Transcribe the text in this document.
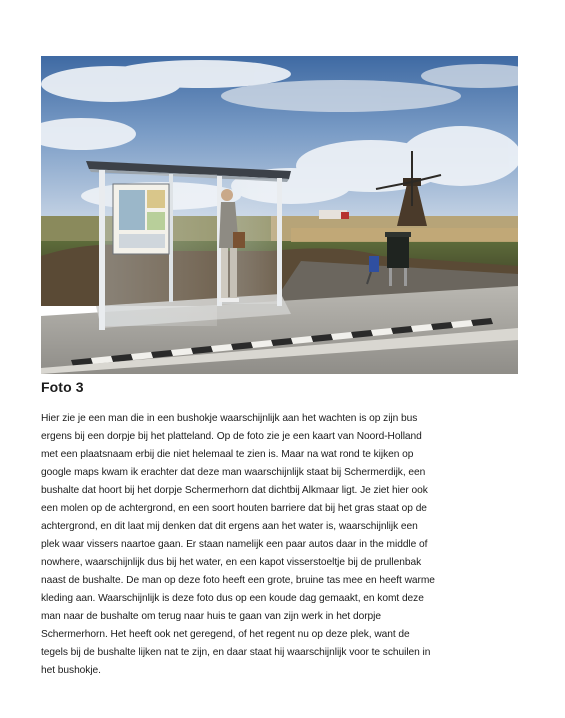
Foto 3
Hier zie je een man die in een bushokje waarschijnlijk aan het wachten is op zijn bus
ergens bij een dorpje bij het platteland. Op de foto zie je een kaart van Noord-Holland
met een plaatsnaam erbij die niet helemaal te zien is. Maar na wat rond te kijken op
google maps kwam ik erachter dat deze man waarschijnlijk staat bij Schermerdijk, een
bushalte dat hoort bij het dorpje Schermerhorn dat dichtbij Alkmaar ligt. Je ziet hier ook
een molen op de achtergrond, en een soort houten barriere dat bij het gras staat op de
achtergrond, en dit laat mij denken dat dit ergens aan het water is, waarschijnlijk een
plek waar vissers naartoe gaan. Er staan namelijk een paar autos daar in the middle of
nowhere, waarschijnlijk dus bij het water, en een kapot visserstoeltje bij de prullenbak
naast de bushalte. De man op deze foto heeft een grote, bruine tas mee en heeft warme
kleding aan. Waarschijnlijk is deze foto dus op een koude dag gemaakt, en komt deze
man naar de bushalte om terug naar huis te gaan van zijn werk in het dorpje
Schermerhorn. Het heeft ook net geregend, of het regent nu op deze plek, want de
tegels bij de bushalte lijken nat te zijn, en daar staat hij waarschijnlijk voor te schuilen in
het bushokje.
